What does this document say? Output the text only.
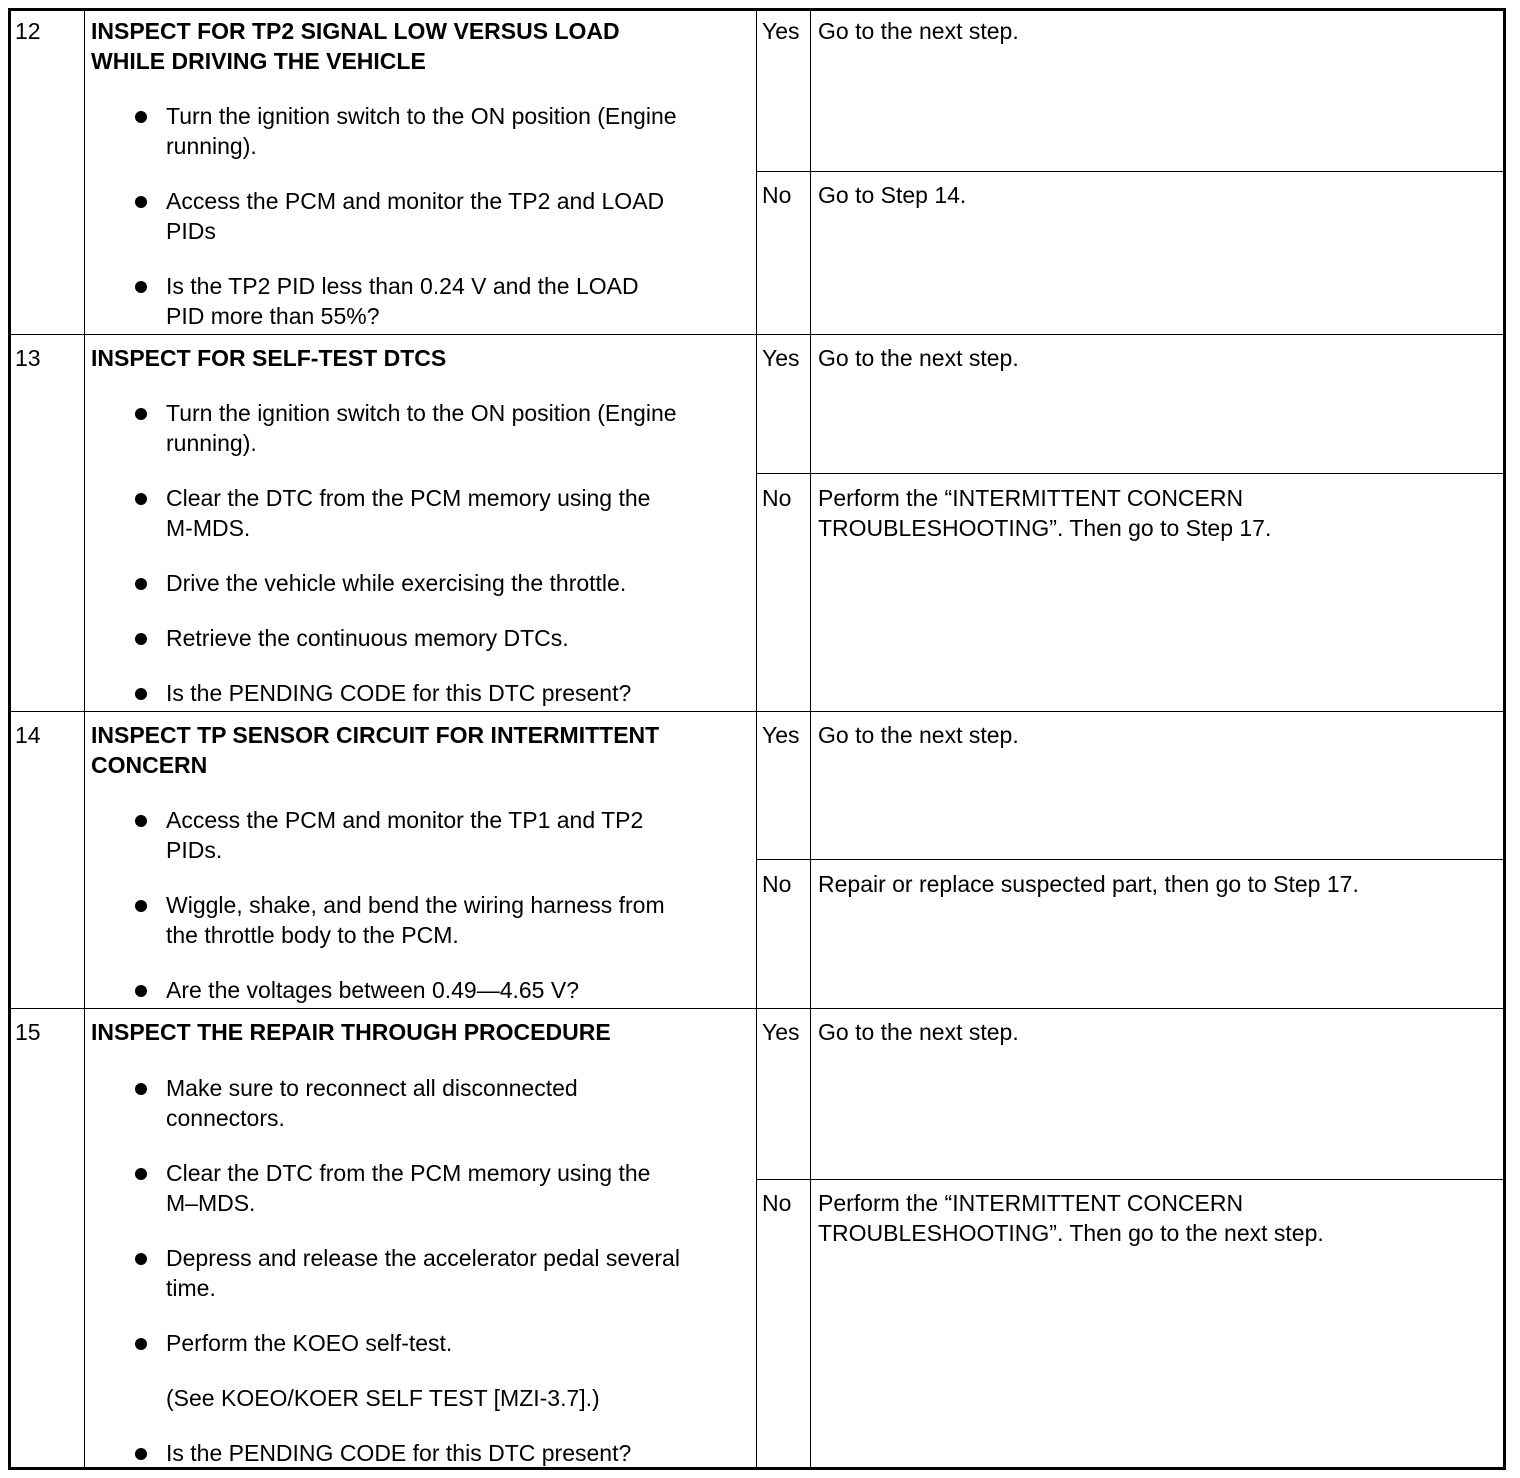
12 INSPECT FOR TP2 SIGNAL LOW VERSUS LOAD
WHILE DRIVING THE VEHICLE
Turn the ignition switch to the ON position (Engine
running).
Access the PCM and monitor the TP2 and LOAD
PIDs
Is the TP2 PID less than 0.24 V and the LOAD
PID more than 55%?
Yes Go to the next step.
No Go to Step 14.
13 INSPECT FOR SELF-TEST DTCS
Turn the ignition switch to the ON position (Engine
running).
Clear the DTC from the PCM memory using the
M-MDS.
Drive the vehicle while exercising the throttle.
Retrieve the continuous memory DTCs.
Is the PENDING CODE for this DTC present?
Yes Go to the next step.
No Perform the “INTERMITTENT CONCERN
TROUBLESHOOTING”. Then go to Step 17.
14 INSPECT TP SENSOR CIRCUIT FOR INTERMITTENT
CONCERN
Access the PCM and monitor the TP1 and TP2
PIDs.
Wiggle, shake, and bend the wiring harness from
the throttle body to the PCM.
Are the voltages between 0.49—4.65 V?
Yes Go to the next step.
No Repair or replace suspected part, then go to Step 17.
15 INSPECT THE REPAIR THROUGH PROCEDURE
Make sure to reconnect all disconnected
connectors.
Clear the DTC from the PCM memory using the
M–MDS.
Depress and release the accelerator pedal several
time.
Perform the KOEO self-test.
(See KOEO/KOER SELF TEST [MZI-3.7].)
Is the PENDING CODE for this DTC present?
Yes Go to the next step.
No Perform the “INTERMITTENT CONCERN
TROUBLESHOOTING”. Then go to the next step.
